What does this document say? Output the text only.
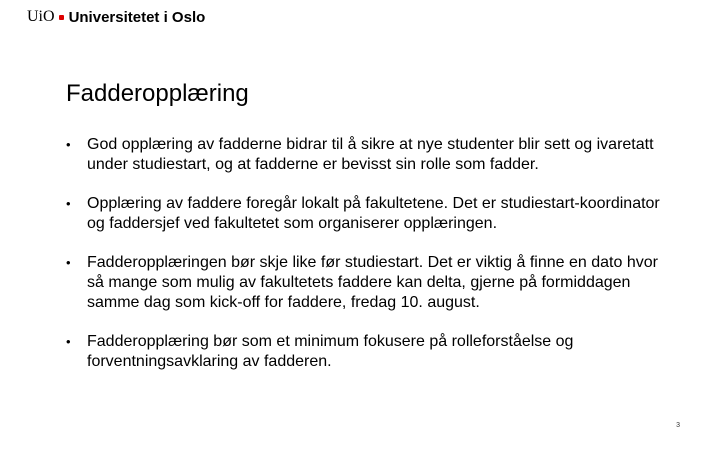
UiO Universitetet i Oslo
Fadderopplæring
• God opplæring av fadderne bidrar til å sikre at nye studenter blir sett og ivaretatt under studiestart, og at fadderne er bevisst sin rolle som fadder.
• Opplæring av faddere foregår lokalt på fakultetene. Det er studiestart-koordinator og faddersjef ved fakultetet som organiserer opplæringen.
• Fadderopplæringen bør skje like før studiestart. Det er viktig å finne en dato hvor så mange som mulig av fakultetets faddere kan delta, gjerne på formiddagen samme dag som kick-off for faddere, fredag 10. august.
• Fadderopplæring bør som et minimum fokusere på rolleforståelse og forventningsavklaring av fadderen.
3
